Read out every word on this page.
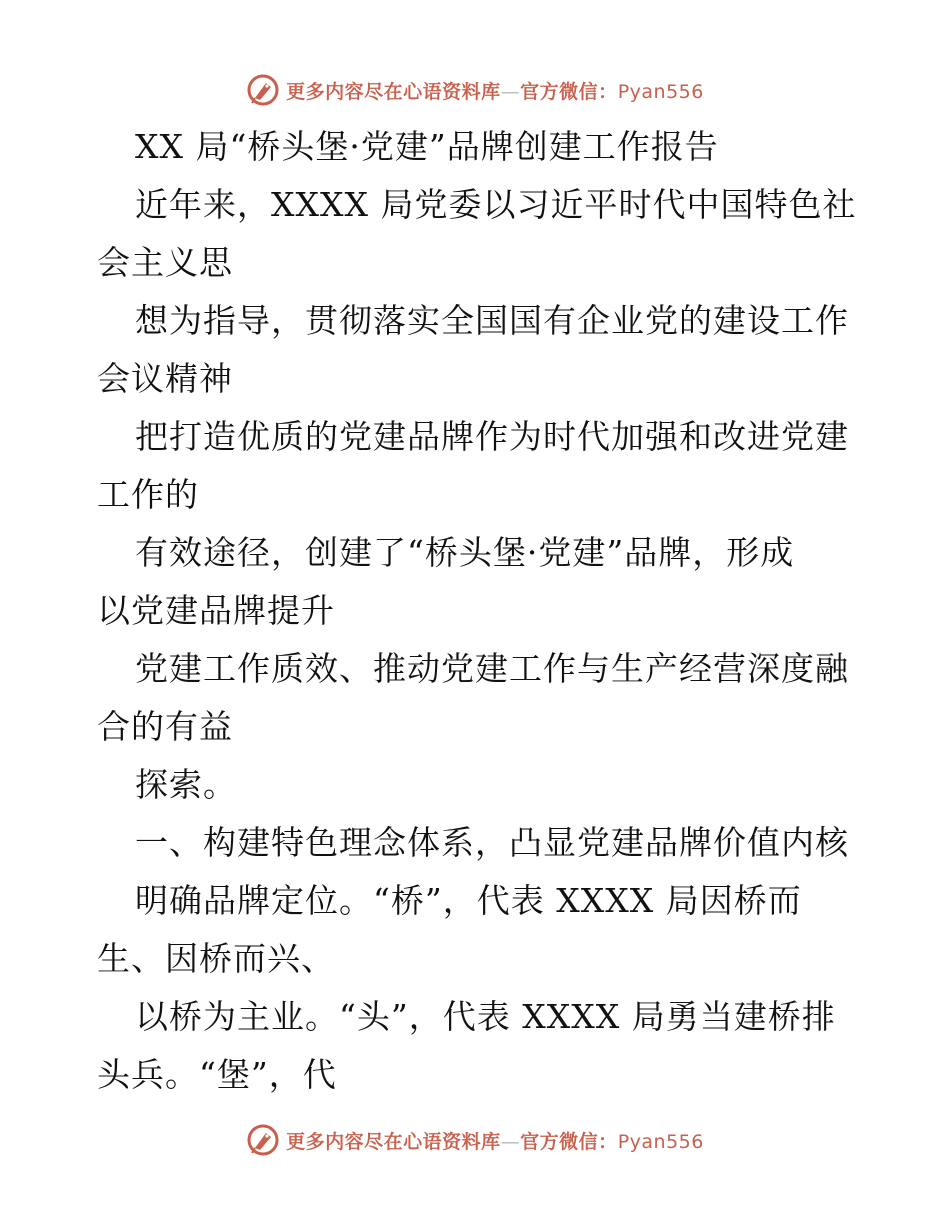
更多内容尽在心语资料库—官方微信：Pyan556

XX 局“桥头堡·党建”品牌创建工作报告

近年来，XXXX 局党委以习近平时代中国特色社

会主义思

想为指导，贯彻落实全国国有企业党的建设工作

会议精神

把打造优质的党建品牌作为时代加强和改进党建

工作的

有效途径，创建了“桥头堡·党建”品牌，形成

以党建品牌提升

党建工作质效、推动党建工作与生产经营深度融

合的有益

探索。

一、构建特色理念体系，凸显党建品牌价值内核

明确品牌定位。“桥”，代表 XXXX 局因桥而

生、因桥而兴、

以桥为主业。“头”，代表 XXXX 局勇当建桥排

头兵。“堡”，代

更多内容尽在心语资料库—官方微信：Pyan556
